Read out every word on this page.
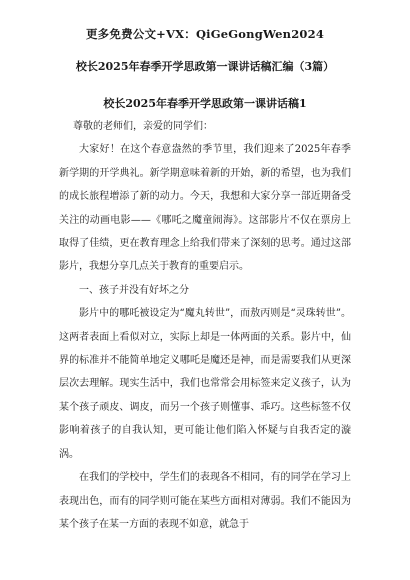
更多免费公文+VX：QiGeGongWen2024
校长2025年春季开学思政第一课讲话稿汇编（3篇）
校长2025年春季开学思政第一课讲话稿1

尊敬的老师们，亲爱的同学们：

大家好！在这个春意盎然的季节里，我们迎来了2025年春季新学期的开学典礼。新学期意味着新的开始，新的希望，也为我们的成长旅程增添了新的动力。今天，我想和大家分享一部近期备受关注的动画电影——《哪吒之魔童闹海》。这部影片不仅在票房上取得了佳绩，更在教育理念上给我们带来了深刻的思考。通过这部影片，我想分享几点关于教育的重要启示。

一、孩子并没有好坏之分

影片中的哪吒被设定为“魔丸转世”，而敖丙则是“灵珠转世”。这两者表面上看似对立，实际上却是一体两面的关系。影片中，仙界的标准并不能简单地定义哪吒是魔还是神，而是需要我们从更深层次去理解。现实生活中，我们也常常会用标签来定义孩子，认为某个孩子顽皮、调皮，而另一个孩子则懂事、乖巧。这些标签不仅影响着孩子的自我认知，更可能让他们陷入怀疑与自我否定的漩涡。

在我们的学校中，学生们的表现各不相同，有的同学在学习上表现出色，而有的同学则可能在某些方面相对薄弱。我们不能因为某个孩子在某一方面的表现不如意，就急于
